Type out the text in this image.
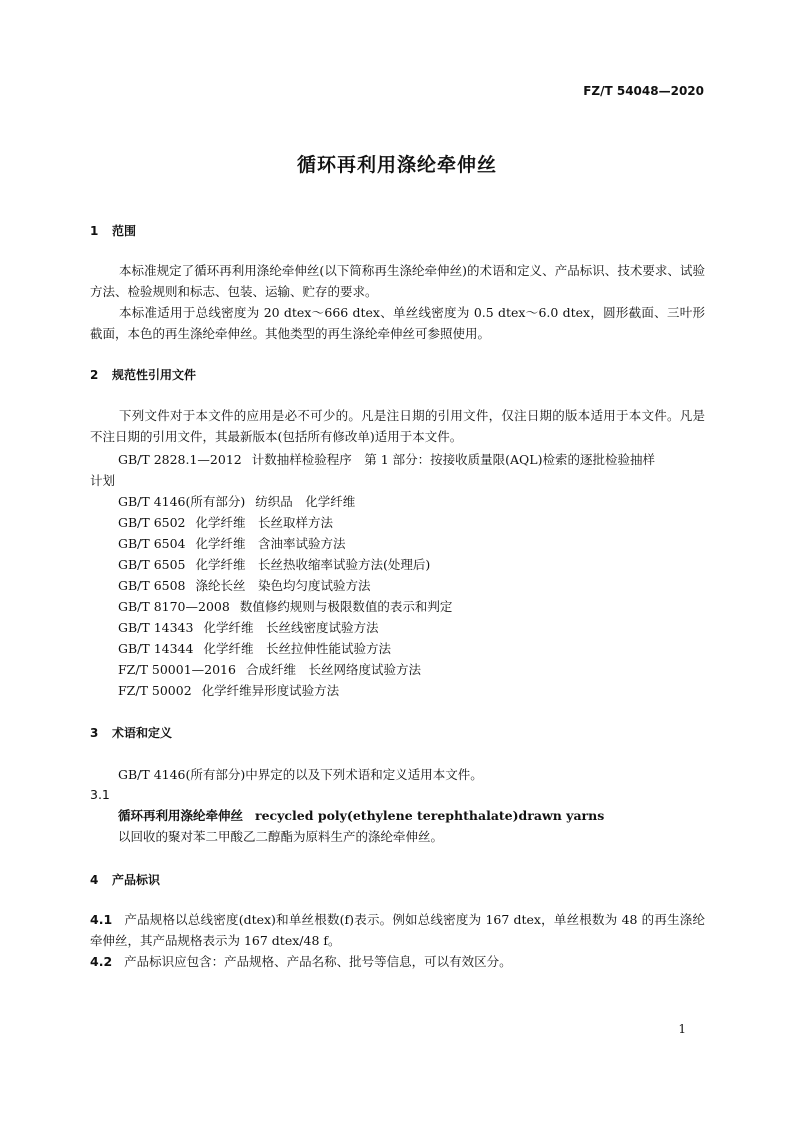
FZ/T 54048—2020
循环再利用涤纶牵伸丝
1 范围
本标准规定了循环再利用涤纶牵伸丝(以下简称再生涤纶牵伸丝)的术语和定义、产品标识、技术要求、试验方法、检验规则和标志、包装、运输、贮存的要求。
本标准适用于总线密度为 20 dtex～666 dtex、单丝线密度为 0.5 dtex～6.0 dtex，圆形截面、三叶形截面，本色的再生涤纶牵伸丝。其他类型的再生涤纶牵伸丝可参照使用。
2 规范性引用文件
下列文件对于本文件的应用是必不可少的。凡是注日期的引用文件，仅注日期的版本适用于本文件。凡是不注日期的引用文件，其最新版本(包括所有修改单)适用于本文件。
GB/T 2828.1—2012 计数抽样检验程序　第 1 部分：按接收质量限(AQL)检索的逐批检验抽样
计划
GB/T 4146(所有部分) 纺织品　化学纤维
GB/T 6502 化学纤维　长丝取样方法
GB/T 6504 化学纤维　含油率试验方法
GB/T 6505 化学纤维　长丝热收缩率试验方法(处理后)
GB/T 6508 涤纶长丝　染色均匀度试验方法
GB/T 8170—2008 数值修约规则与极限数值的表示和判定
GB/T 14343 化学纤维　长丝线密度试验方法
GB/T 14344 化学纤维　长丝拉伸性能试验方法
FZ/T 50001—2016 合成纤维　长丝网络度试验方法
FZ/T 50002 化学纤维异形度试验方法
3 术语和定义
GB/T 4146(所有部分)中界定的以及下列术语和定义适用本文件。
3.1
循环再利用涤纶牵伸丝 recycled poly(ethylene terephthalate)drawn yarns
以回收的聚对苯二甲酸乙二醇酯为原料生产的涤纶牵伸丝。
4 产品标识
4.1 产品规格以总线密度(dtex)和单丝根数(f)表示。例如总线密度为 167 dtex，单丝根数为 48 的再生涤纶牵伸丝，其产品规格表示为 167 dtex/48 f。
4.2 产品标识应包含：产品规格、产品名称、批号等信息，可以有效区分。
1
